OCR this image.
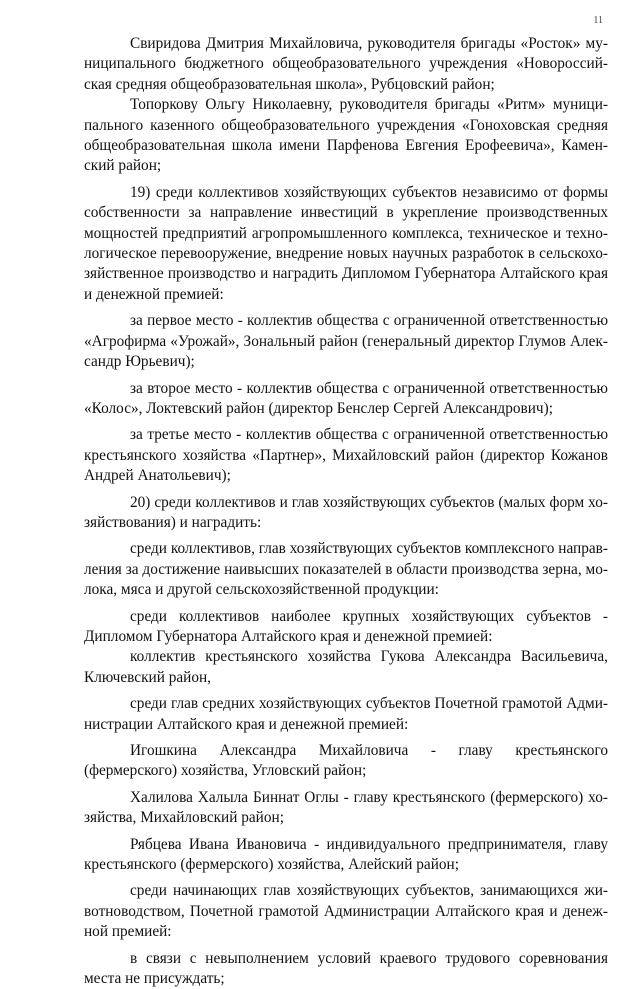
11

Свиридова Дмитрия Михайловича, руководителя бригады «Росток» муниципального бюджетного общеобразовательного учреждения «Новороссийская средняя общеобразовательная школа», Рубцовский район;

Топоркову Ольгу Николаевну, руководителя бригады «Ритм» муниципального казенного общеобразовательного учреждения «Гоноховская средняя общеобразовательная школа имени Парфенова Евгения Ерофеевича», Каменский район;

19) среди коллективов хозяйствующих субъектов независимо от формы собственности за направление инвестиций в укрепление производственных мощностей предприятий агропромышленного комплекса, техническое и технологическое перевооружение, внедрение новых научных разработок в сельскохозяйственное производство и наградить Дипломом Губернатора Алтайского края и денежной премией:

за первое место - коллектив общества с ограниченной ответственностью «Агрофирма «Урожай», Зональный район (генеральный директор Глумов Александр Юрьевич);

за второе место - коллектив общества с ограниченной ответственностью «Колос», Локтевский район (директор Бенслер Сергей Александрович);

за третье место - коллектив общества с ограниченной ответственностью крестьянского хозяйства «Партнер», Михайловский район (директор Кожанов Андрей Анатольевич);

20) среди коллективов и глав хозяйствующих субъектов (малых форм хозяйствования) и наградить:

среди коллективов, глав хозяйствующих субъектов комплексного направления за достижение наивысших показателей в области производства зерна, молока, мяса и другой сельскохозяйственной продукции:

среди коллективов наиболее крупных хозяйствующих субъектов - Дипломом Губернатора Алтайского края и денежной премией:

коллектив крестьянского хозяйства Гукова Александра Васильевича, Ключевский район,

среди глав средних хозяйствующих субъектов Почетной грамотой Администрации Алтайского края и денежной премией:

Игошкина Александра Михайловича - главу крестьянского (фермерского) хозяйства, Угловский район;

Халилова Халыла Биннат Оглы - главу крестьянского (фермерского) хозяйства, Михайловский район;

Рябцева Ивана Ивановича - индивидуального предпринимателя, главу крестьянского (фермерского) хозяйства, Алейский район;

среди начинающих глав хозяйствующих субъектов, занимающихся животноводством, Почетной грамотой Администрации Алтайского края и денежной премией:

в связи с невыполнением условий краевого трудового соревнования места не присуждать;
